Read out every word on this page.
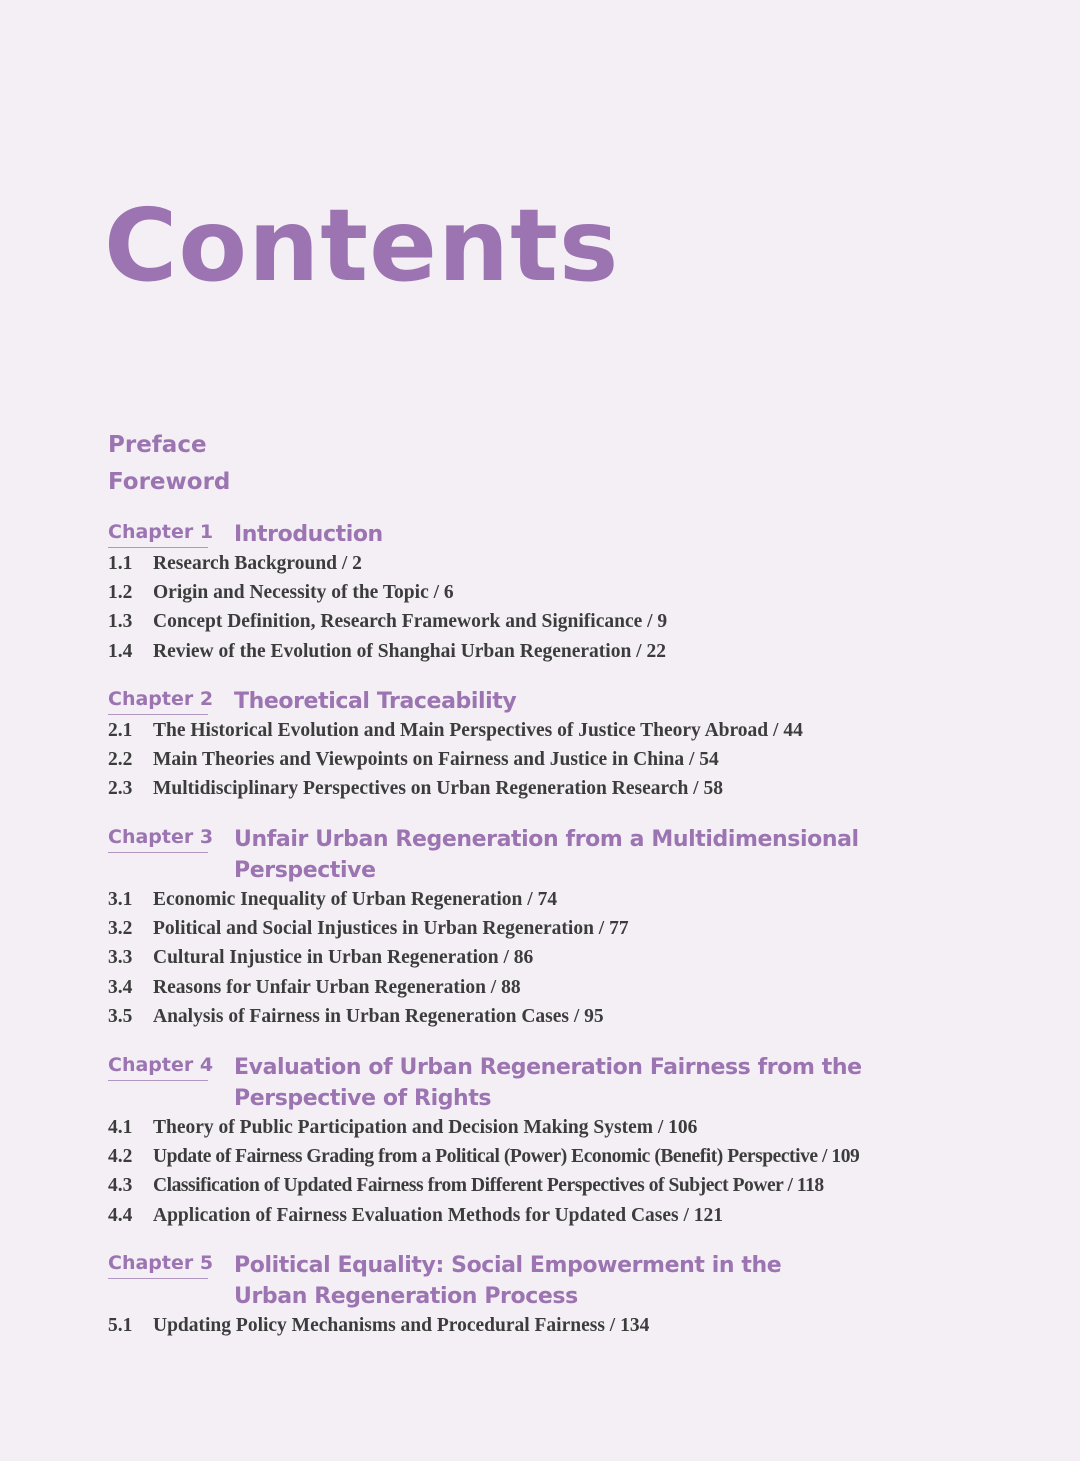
Contents
Preface
Foreword
Chapter 1 Introduction
1.1	Research Background / 2
1.2	Origin and Necessity of the Topic / 6
1.3	Concept Definition, Research Framework and Significance / 9
1.4	Review of the Evolution of Shanghai Urban Regeneration / 22
Chapter 2 Theoretical Traceability
2.1	The Historical Evolution and Main Perspectives of Justice Theory Abroad / 44
2.2	Main Theories and Viewpoints on Fairness and Justice in China / 54
2.3	Multidisciplinary Perspectives on Urban Regeneration Research / 58
Chapter 3 Unfair Urban Regeneration from a Multidimensional Perspective
3.1	Economic Inequality of Urban Regeneration / 74
3.2	Political and Social Injustices in Urban Regeneration / 77
3.3	Cultural Injustice in Urban Regeneration / 86
3.4	Reasons for Unfair Urban Regeneration / 88
3.5	Analysis of Fairness in Urban Regeneration Cases / 95
Chapter 4 Evaluation of Urban Regeneration Fairness from the Perspective of Rights
4.1	Theory of Public Participation and Decision Making System / 106
4.2	Update of Fairness Grading from a Political (Power) Economic (Benefit) Perspective / 109
4.3	Classification of Updated Fairness from Different Perspectives of Subject Power / 118
4.4	Application of Fairness Evaluation Methods for Updated Cases / 121
Chapter 5 Political Equality: Social Empowerment in the Urban Regeneration Process
5.1	Updating Policy Mechanisms and Procedural Fairness / 134
